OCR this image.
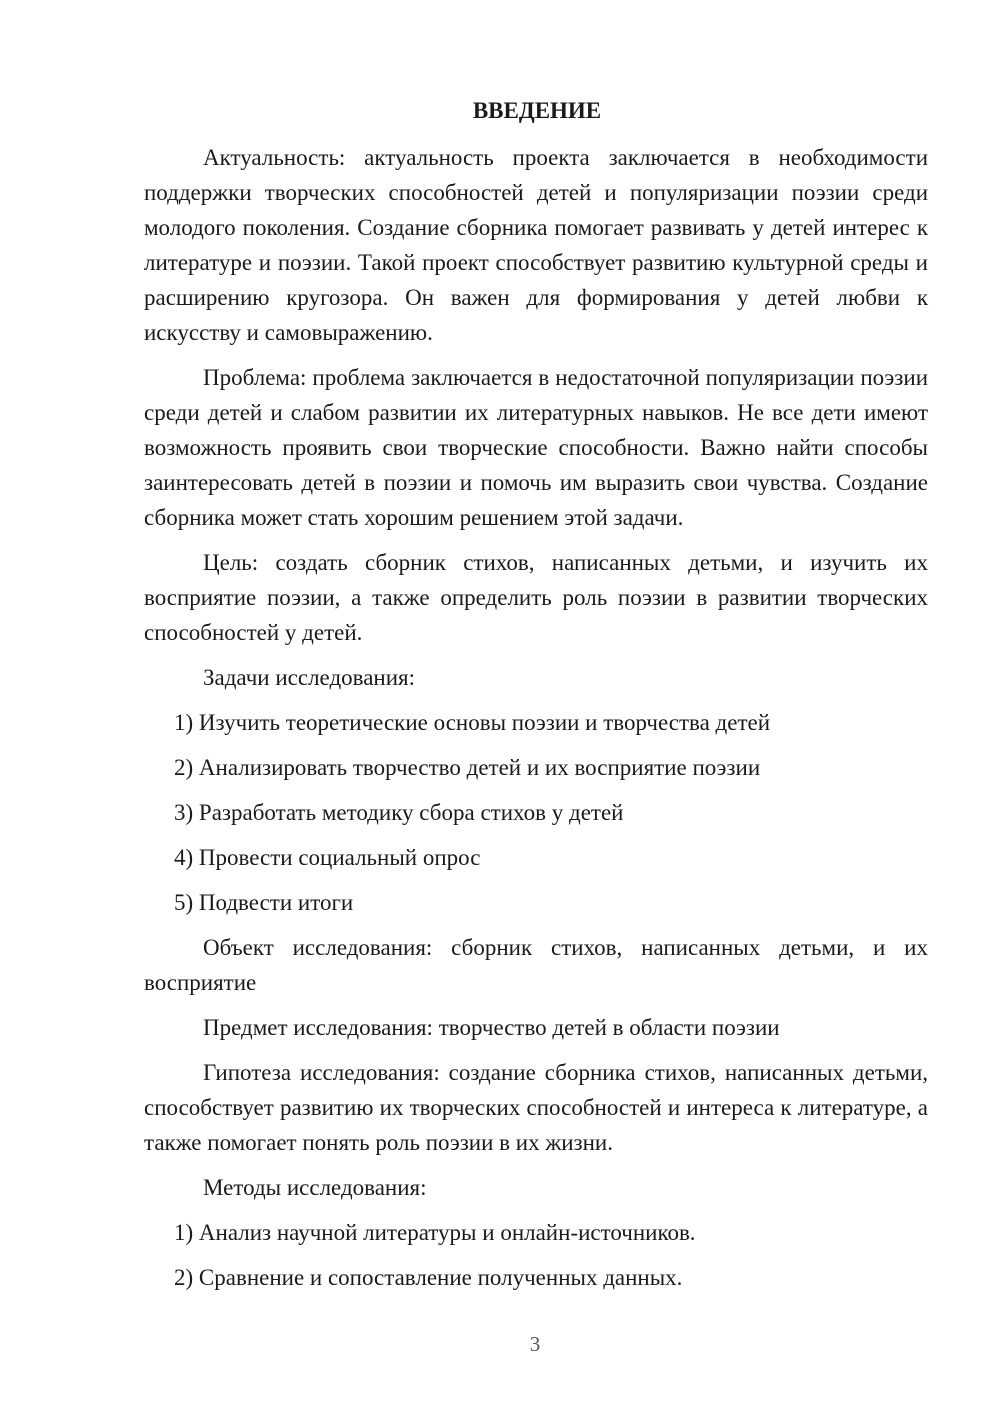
ВВЕДЕНИЕ

Актуальность: актуальность проекта заключается в необходимости поддержки творческих способностей детей и популяризации поэзии среди молодого поколения. Создание сборника помогает развивать у детей интерес к литературе и поэзии. Такой проект способствует развитию культурной среды и расширению кругозора. Он важен для формирования у детей любви к искусству и самовыражению.

Проблема: проблема заключается в недостаточной популяризации поэзии среди детей и слабом развитии их литературных навыков. Не все дети имеют возможность проявить свои творческие способности. Важно найти способы заинтересовать детей в поэзии и помочь им выразить свои чувства. Создание сборника может стать хорошим решением этой задачи.

Цель: создать сборник стихов, написанных детьми, и изучить их восприятие поэзии, а также определить роль поэзии в развитии творческих способностей у детей.

Задачи исследования:

1) Изучить теоретические основы поэзии и творчества детей
2) Анализировать творчество детей и их восприятие поэзии
3) Разработать методику сбора стихов у детей
4) Провести социальный опрос
5) Подвести итоги

Объект исследования: сборник стихов, написанных детьми, и их восприятие

Предмет исследования: творчество детей в области поэзии

Гипотеза исследования: создание сборника стихов, написанных детьми, способствует развитию их творческих способностей и интереса к литературе, а также помогает понять роль поэзии в их жизни.

Методы исследования:

1) Анализ научной литературы и онлайн-источников.
2) Сравнение и сопоставление полученных данных.
3
